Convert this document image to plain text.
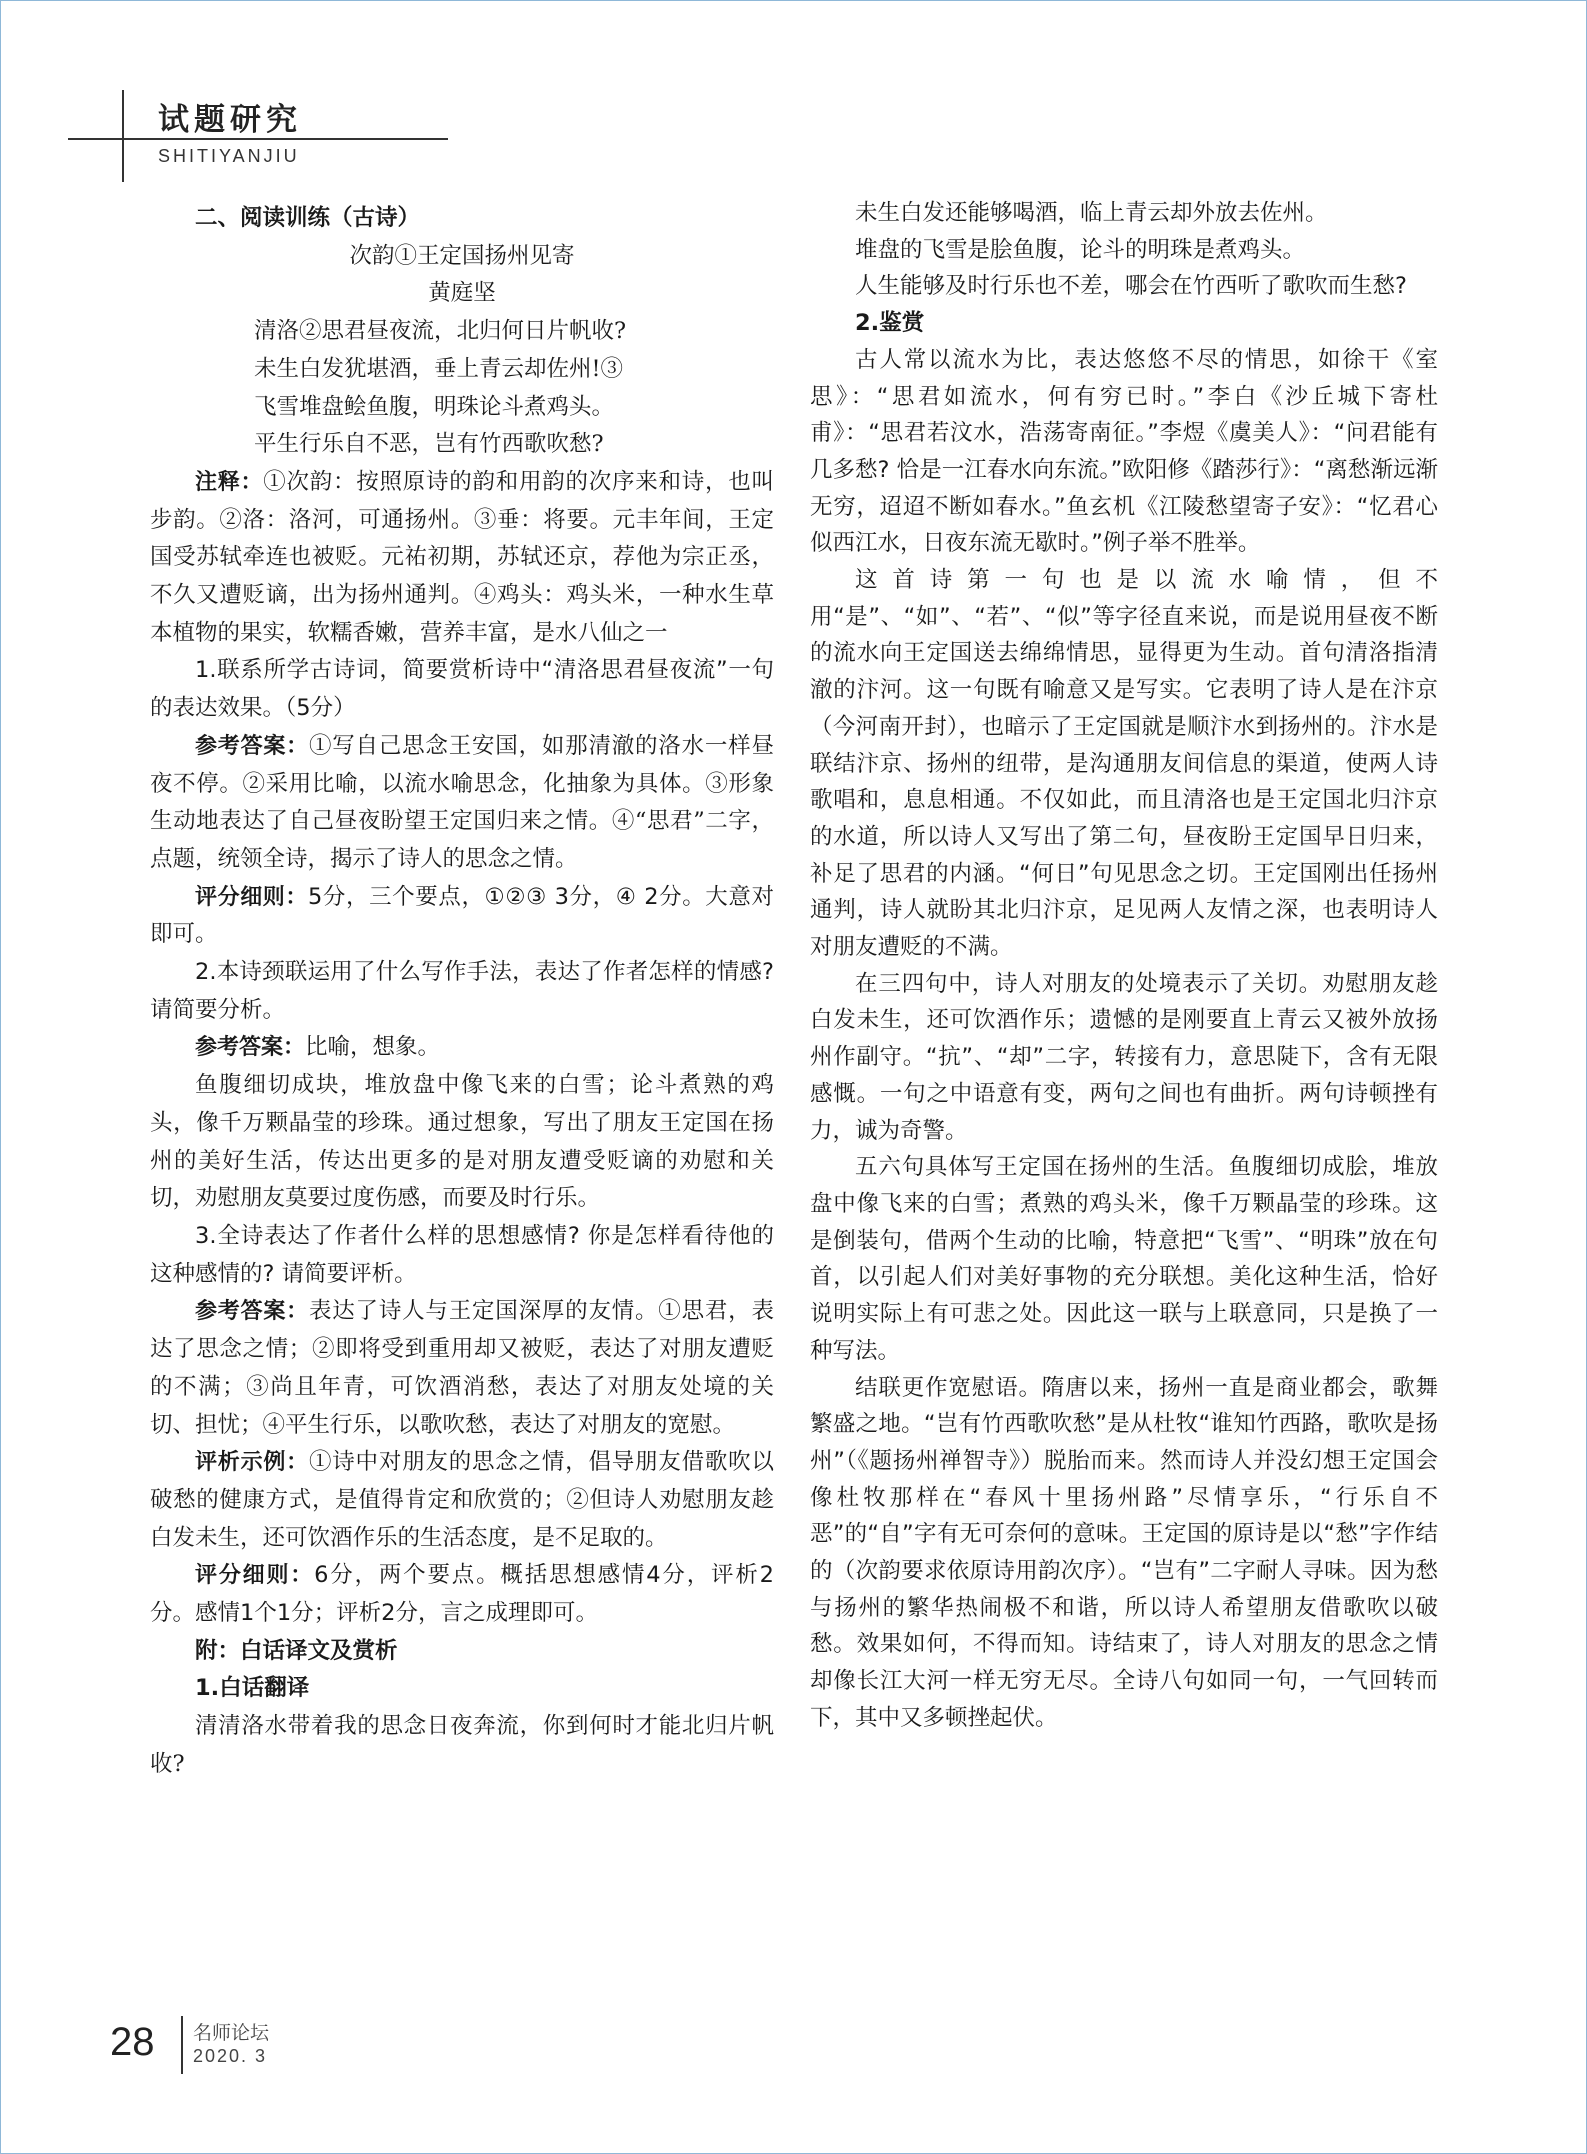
试题研究
SHITIYANJIU

二、阅读训练（古诗）

次韵①王定国扬州见寄

黄庭坚

清洛②思君昼夜流，北归何日片帆收?

未生白发犹堪酒，垂上青云却佐州!③

飞雪堆盘鲙鱼腹，明珠论斗煮鸡头。

平生行乐自不恶，岂有竹西歌吹愁?

注释：①次韵：按照原诗的韵和用韵的次序来和诗，也叫步韵。②洛：洛河，可通扬州。③垂：将要。元丰年间，王定国受苏轼牵连也被贬。元祐初期，苏轼还京，荐他为宗正丞，不久又遭贬谪，出为扬州通判。④鸡头：鸡头米，一种水生草本植物的果实，软糯香嫩，营养丰富，是水八仙之一

1.联系所学古诗词，简要赏析诗中“清洛思君昼夜流”一句的表达效果。（5分）

参考答案：①写自己思念王安国，如那清澈的洛水一样昼夜不停。②采用比喻，以流水喻思念，化抽象为具体。③形象生动地表达了自己昼夜盼望王定国归来之情。④“思君”二字，点题，统领全诗，揭示了诗人的思念之情。

评分细则：5分，三个要点，①②③ 3分，④ 2分。大意对即可。

2.本诗颈联运用了什么写作手法，表达了作者怎样的情感? 请简要分析。

参考答案：比喻，想象。

鱼腹细切成块，堆放盘中像飞来的白雪；论斗煮熟的鸡头，像千万颗晶莹的珍珠。通过想象，写出了朋友王定国在扬州的美好生活，传达出更多的是对朋友遭受贬谪的劝慰和关切，劝慰朋友莫要过度伤感，而要及时行乐。

3.全诗表达了作者什么样的思想感情? 你是怎样看待他的这种感情的? 请简要评析。

参考答案：表达了诗人与王定国深厚的友情。①思君，表达了思念之情；②即将受到重用却又被贬，表达了对朋友遭贬的不满；③尚且年青，可饮酒消愁，表达了对朋友处境的关切、担忧；④平生行乐，以歌吹愁，表达了对朋友的宽慰。

评析示例：①诗中对朋友的思念之情，倡导朋友借歌吹以破愁的健康方式，是值得肯定和欣赏的；②但诗人劝慰朋友趁白发未生，还可饮酒作乐的生活态度，是不足取的。

评分细则：6分，两个要点。概括思想感情4分，评析2分。感情1个1分；评析2分，言之成理即可。

附：白话译文及赏析

1.白话翻译

清清洛水带着我的思念日夜奔流，你到何时才能北归片帆收?

未生白发还能够喝酒，临上青云却外放去佐州。

堆盘的飞雪是脍鱼腹，论斗的明珠是煮鸡头。

人生能够及时行乐也不差，哪会在竹西听了歌吹而生愁?

2.鉴赏

古人常以流水为比，表达悠悠不尽的情思，如徐干《室思》：“思君如流水，何有穷已时。”李白《沙丘城下寄杜甫》：“思君若汶水，浩荡寄南征。”李煜《虞美人》：“问君能有几多愁? 恰是一江春水向东流。”欧阳修《踏莎行》：“离愁渐远渐无穷，迢迢不断如春水。”鱼玄机《江陵愁望寄子安》：“忆君心似西江水，日夜东流无歇时。”例子举不胜举。

这首诗第一句也是以流水喻情，但不用“是”、“如”、“若”、“似”等字径直来说，而是说用昼夜不断的流水向王定国送去绵绵情思，显得更为生动。首句清洛指清澈的汴河。这一句既有喻意又是写实。它表明了诗人是在汴京（今河南开封），也暗示了王定国就是顺汴水到扬州的。汴水是联结汴京、扬州的纽带，是沟通朋友间信息的渠道，使两人诗歌唱和，息息相通。不仅如此，而且清洛也是王定国北归汴京的水道，所以诗人又写出了第二句，昼夜盼王定国早日归来，补足了思君的内涵。“何日”句见思念之切。王定国刚出任扬州通判，诗人就盼其北归汴京，足见两人友情之深，也表明诗人对朋友遭贬的不满。

在三四句中，诗人对朋友的处境表示了关切。劝慰朋友趁白发未生，还可饮酒作乐；遗憾的是刚要直上青云又被外放扬州作副守。“抗”、“却”二字，转接有力，意思陡下，含有无限感慨。一句之中语意有变，两句之间也有曲折。两句诗顿挫有力，诚为奇警。

五六句具体写王定国在扬州的生活。鱼腹细切成脍，堆放盘中像飞来的白雪；煮熟的鸡头米，像千万颗晶莹的珍珠。这是倒装句，借两个生动的比喻，特意把“飞雪”、“明珠”放在句首，以引起人们对美好事物的充分联想。美化这种生活，恰好说明实际上有可悲之处。因此这一联与上联意同，只是换了一种写法。

结联更作宽慰语。隋唐以来，扬州一直是商业都会，歌舞繁盛之地。“岂有竹西歌吹愁”是从杜牧“谁知竹西路，歌吹是扬州”（《题扬州禅智寺》）脱胎而来。然而诗人并没幻想王定国会像杜牧那样在“春风十里扬州路”尽情享乐，“行乐自不恶”的“自”字有无可奈何的意味。王定国的原诗是以“愁”字作结的（次韵要求依原诗用韵次序）。“岂有”二字耐人寻味。因为愁与扬州的繁华热闹极不和谐，所以诗人希望朋友借歌吹以破愁。效果如何，不得而知。诗结束了，诗人对朋友的思念之情却像长江大河一样无穷无尽。全诗八句如同一句，一气回转而下，其中又多顿挫起伏。

28 名师论坛
2020. 3
